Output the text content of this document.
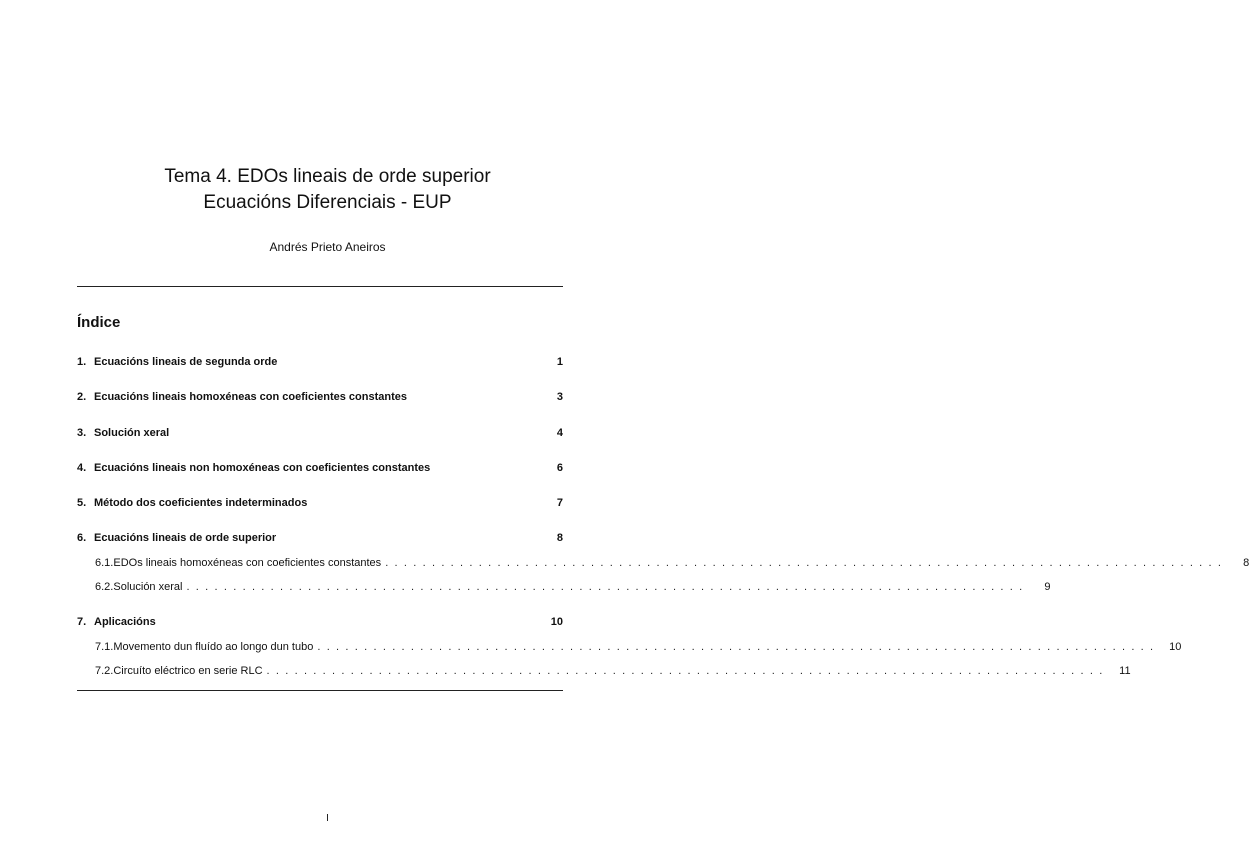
Tema 4. EDOs lineais de orde superior
Ecuacións Diferenciais - EUP
Andrés Prieto Aneiros
Índice
1. Ecuacións lineais de segunda orde	1
2. Ecuacións lineais homoxéneas con coeficientes constantes	3
3. Solución xeral	4
4. Ecuacións lineais non homoxéneas con coeficientes constantes	6
5. Método dos coeficientes indeterminados	7
6. Ecuacións lineais de orde superior	8
6.1. EDOs lineais homoxéneas con coeficientes constantes ..........................................................................................	8
6.2. Solución xeral ..........................................................................................	9
7. Aplicacións	10
7.1. Movemento dun fluído ao longo dun tubo .......................................................................................... 10
7.2. Circuíto eléctrico en serie RLC .......................................................................................... 11
I
